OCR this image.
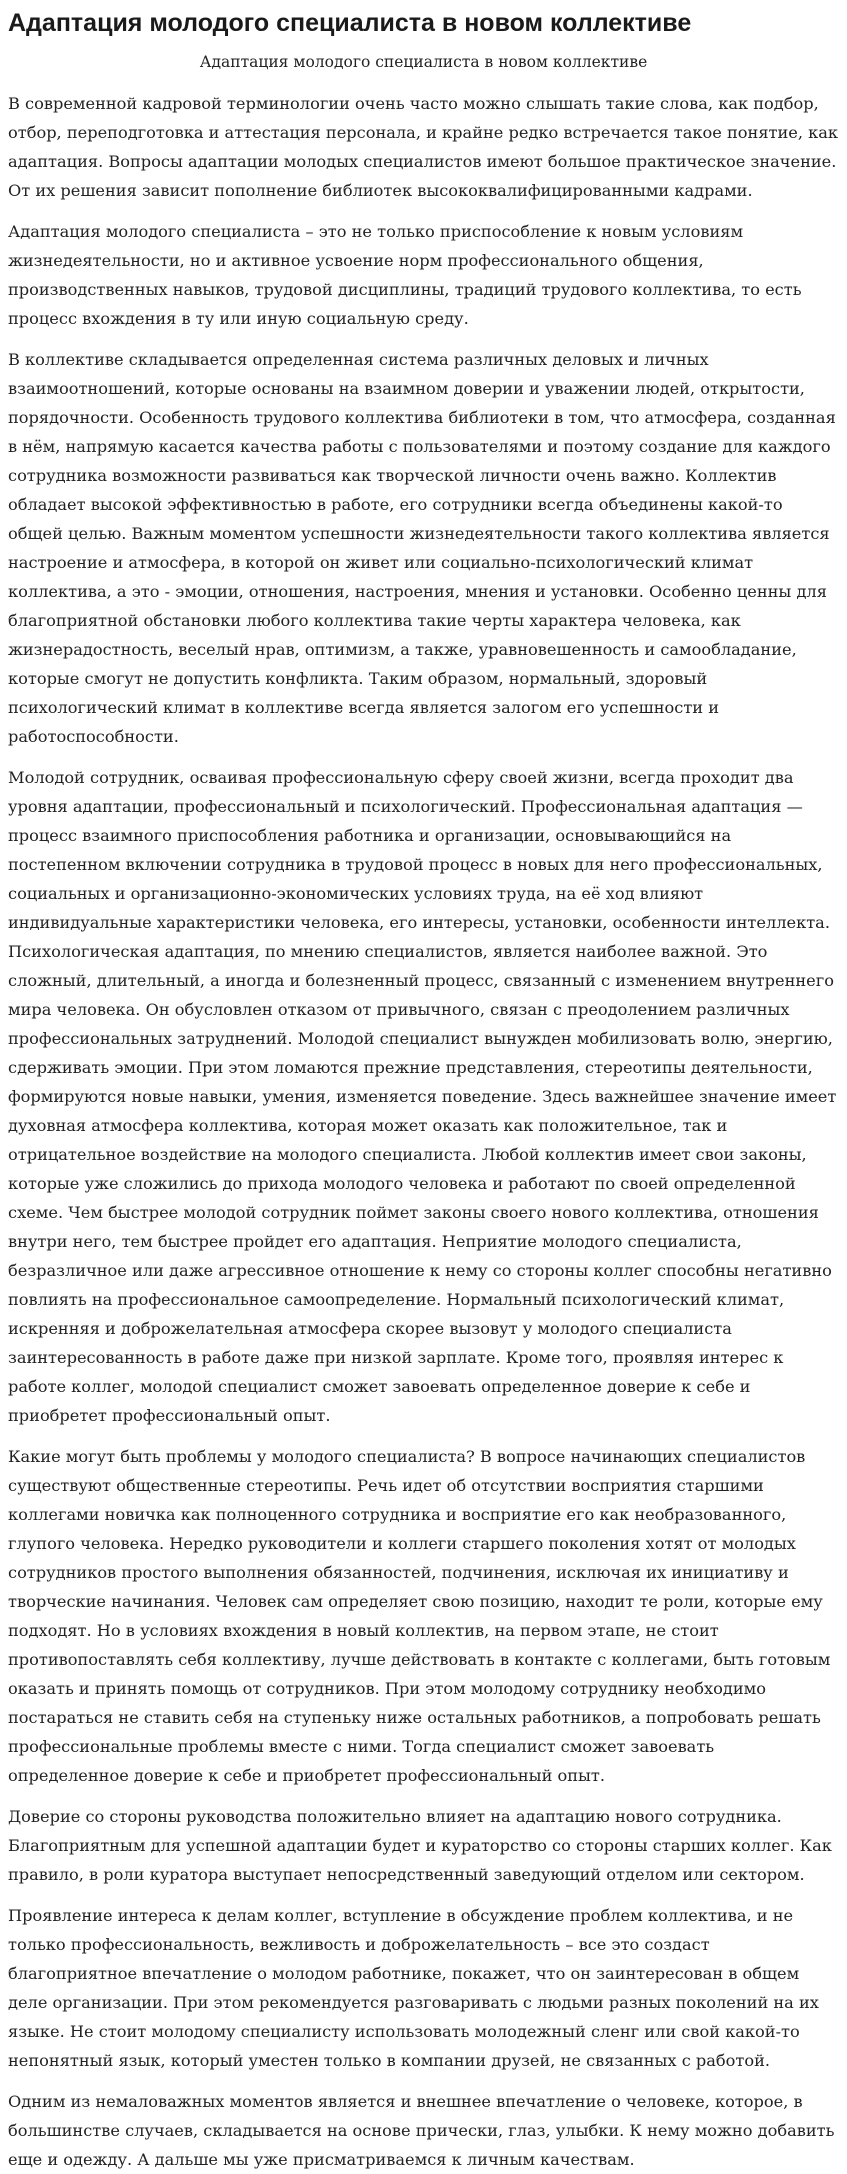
Адаптация молодого специалиста в новом коллективе
Адаптация молодого специалиста в новом коллективе

В современной кадровой терминологии очень часто можно слышать такие слова, как подбор, отбор, переподготовка и аттестация персонала, и крайне редко встречается такое понятие, как адаптация. Вопросы адаптации молодых специалистов имеют большое практическое значение. От их решения зависит пополнение библиотек высококвалифицированными кадрами.

Адаптация молодого специалиста – это не только приспособление к новым условиям жизнедеятельности, но и активное усвоение норм профессионального общения, производственных навыков, трудовой дисциплины, традиций трудового коллектива, то есть процесс вхождения в ту или иную социальную среду.

В коллективе складывается определенная система различных деловых и личных взаимоотношений, которые основаны на взаимном доверии и уважении людей, открытости, порядочности. Особенность трудового коллектива библиотеки в том, что атмосфера, созданная в нём, напрямую касается качества работы с пользователями и поэтому создание для каждого сотрудника возможности развиваться как творческой личности очень важно. Коллектив обладает высокой эффективностью в работе, его сотрудники всегда объединены какой-то общей целью. Важным моментом успешности жизнедеятельности такого коллектива является настроение и атмосфера, в которой он живет или социально-психологический климат коллектива, а это - эмоции, отношения, настроения, мнения и установки. Особенно ценны для благоприятной обстановки любого коллектива такие черты характера человека, как жизнерадостность, веселый нрав, оптимизм, а также, уравновешенность и самообладание, которые смогут не допустить конфликта. Таким образом, нормальный, здоровый психологический климат в коллективе всегда является залогом его успешности и работоспособности.

Молодой сотрудник, осваивая профессиональную сферу своей жизни, всегда проходит два уровня адаптации, профессиональный и психологический. Профессиональная адаптация — процесс взаимного приспособления работника и организации, основывающийся на постепенном включении сотрудника в трудовой процесс в новых для него профессиональных, социальных и организационно-экономических условиях труда, на её ход влияют индивидуальные характеристики человека, его интересы, установки, особенности интеллекта. Психологическая адаптация, по мнению специалистов, является наиболее важной. Это сложный, длительный, а иногда и болезненный процесс, связанный с изменением внутреннего мира человека. Он обусловлен отказом от привычного, связан с преодолением различных профессиональных затруднений. Молодой специалист вынужден мобилизовать волю, энергию, сдерживать эмоции. При этом ломаются прежние представления, стереотипы деятельности, формируются новые навыки, умения, изменяется поведение. Здесь важнейшее значение имеет духовная атмосфера коллектива, которая может оказать как положительное, так и отрицательное воздействие на молодого специалиста. Любой коллектив имеет свои законы, которые уже сложились до прихода молодого человека и работают по своей определенной схеме. Чем быстрее молодой сотрудник поймет законы своего нового коллектива, отношения внутри него, тем быстрее пройдет его адаптация. Неприятие молодого специалиста, безразличное или даже агрессивное отношение к нему со стороны коллег способны негативно повлиять на профессиональное самоопределение. Нормальный психологический климат, искренняя и доброжелательная атмосфера скорее вызовут у молодого специалиста заинтересованность в работе даже при низкой зарплате. Кроме того, проявляя интерес к работе коллег, молодой специалист сможет завоевать определенное доверие к себе и приобретет профессиональный опыт.

Какие могут быть проблемы у молодого специалиста? В вопросе начинающих специалистов существуют общественные стереотипы. Речь идет об отсутствии восприятия старшими коллегами новичка как полноценного сотрудника и восприятие его как необразованного, глупого человека. Нередко руководители и коллеги старшего поколения хотят от молодых сотрудников простого выполнения обязанностей, подчинения, исключая их инициативу и творческие начинания. Человек сам определяет свою позицию, находит те роли, которые ему подходят. Но в условиях вхождения в новый коллектив, на первом этапе, не стоит противопоставлять себя коллективу, лучше действовать в контакте с коллегами, быть готовым оказать и принять помощь от сотрудников. При этом молодому сотруднику необходимо постараться не ставить себя на ступеньку ниже остальных работников, а попробовать решать профессиональные проблемы вместе с ними. Тогда специалист сможет завоевать определенное доверие к себе и приобретет профессиональный опыт.

Доверие со стороны руководства положительно влияет на адаптацию нового сотрудника. Благоприятным для успешной адаптации будет и кураторство со стороны старших коллег. Как правило, в роли куратора выступает непосредственный заведующий отделом или сектором.

Проявление интереса к делам коллег, вступление в обсуждение проблем коллектива, и не только профессиональность, вежливость и доброжелательность – все это создаст благоприятное впечатление о молодом работнике, покажет, что он заинтересован в общем деле организации. При этом рекомендуется разговаривать с людьми разных поколений на их языке. Не стоит молодому специалисту использовать молодежный сленг или свой какой-то непонятный язык, который уместен только в компании друзей, не связанных с работой.

Одним из немаловажных моментов является и внешнее впечатление о человеке, которое, в большинстве случаев, складывается на основе прически, глаз, улыбки. К нему можно добавить еще и одежду. А дальше мы уже присматриваемся к личным качествам.
